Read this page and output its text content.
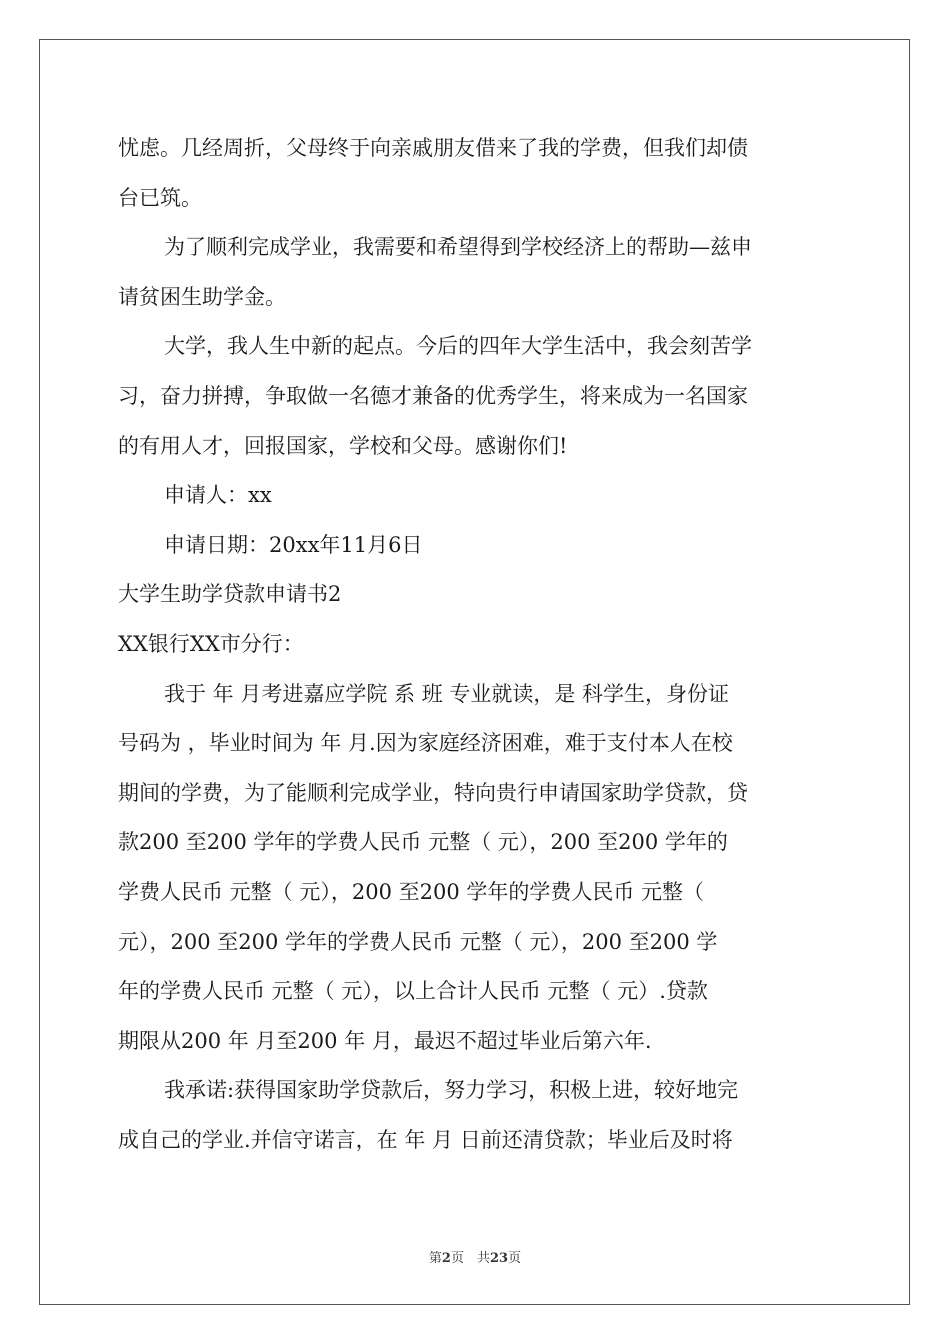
忧虑。几经周折，父母终于向亲戚朋友借来了我的学费，但我们却债
台已筑。
为了顺利完成学业，我需要和希望得到学校经济上的帮助—兹申
请贫困生助学金。
大学，我人生中新的起点。今后的四年大学生活中，我会刻苦学
习，奋力拼搏，争取做一名德才兼备的优秀学生，将来成为一名国家
的有用人才，回报国家，学校和父母。感谢你们!
申请人：xx
申请日期：20xx年11月6日
大学生助学贷款申请书2
XX银行XX市分行：
我于 年 月考进嘉应学院 系 班 专业就读，是 科学生，身份证
号码为 ，毕业时间为 年 月.因为家庭经济困难，难于支付本人在校
期间的学费，为了能顺利完成学业，特向贵行申请国家助学贷款，贷
款200 至200 学年的学费人民币 元整（ 元），200 至200 学年的
学费人民币 元整（ 元），200 至200 学年的学费人民币 元整（
元），200 至200 学年的学费人民币 元整（ 元），200 至200 学
年的学费人民币 元整（ 元），以上合计人民币 元整（ 元）.贷款
期限从200 年 月至200 年 月，最迟不超过毕业后第六年.
我承诺:获得国家助学贷款后，努力学习，积极上进，较好地完
成自己的学业.并信守诺言，在 年 月 日前还清贷款；毕业后及时将
第2页　共23页
